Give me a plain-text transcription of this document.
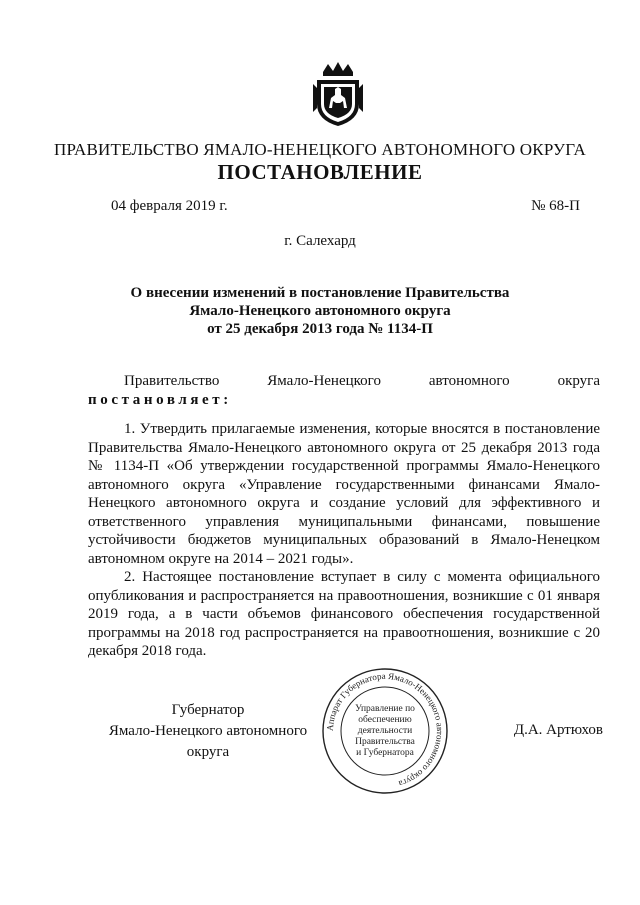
ПРАВИТЕЛЬСТВО ЯМАЛО-НЕНЕЦКОГО АВТОНОМНОГО ОКРУГА
ПОСТАНОВЛЕНИЕ
04 февраля 2019 г.	№ 68-П
г. Салехард
О внесении изменений в постановление Правительства
Ямало-Ненецкого автономного округа
от 25 декабря 2013 года № 1134-П
Правительство	Ямало-Ненецкого	автономного	округа
постановляет:

1. Утвердить прилагаемые изменения, которые вносятся в постановление Правительства Ямало-Ненецкого автономного округа от 25 декабря 2013 года № 1134-П «Об утверждении государственной программы Ямало-Ненецкого автономного округа «Управление государственными финансами Ямало-Ненецкого автономного округа и создание условий для эффективного и ответственного управления муниципальными финансами, повышение устойчивости бюджетов муниципальных образований в Ямало-Ненецком автономном округе на 2014 – 2021 годы».

2. Настоящее постановление вступает в силу с момента официального опубликования и распространяется на правоотношения, возникшие с 01 января 2019 года, а в части объемов финансового обеспечения государственной программы на 2018 год распространяется на правоотношения, возникшие с 20 декабря 2018 года.

Губернатор
Ямало-Ненецкого автономного округа
Аппарат Губернатора Ямало-Ненецкого автономного округа
Управление по
обеспечению
деятельности
Правительства
и Губернатора
Д.А. Артюхов
